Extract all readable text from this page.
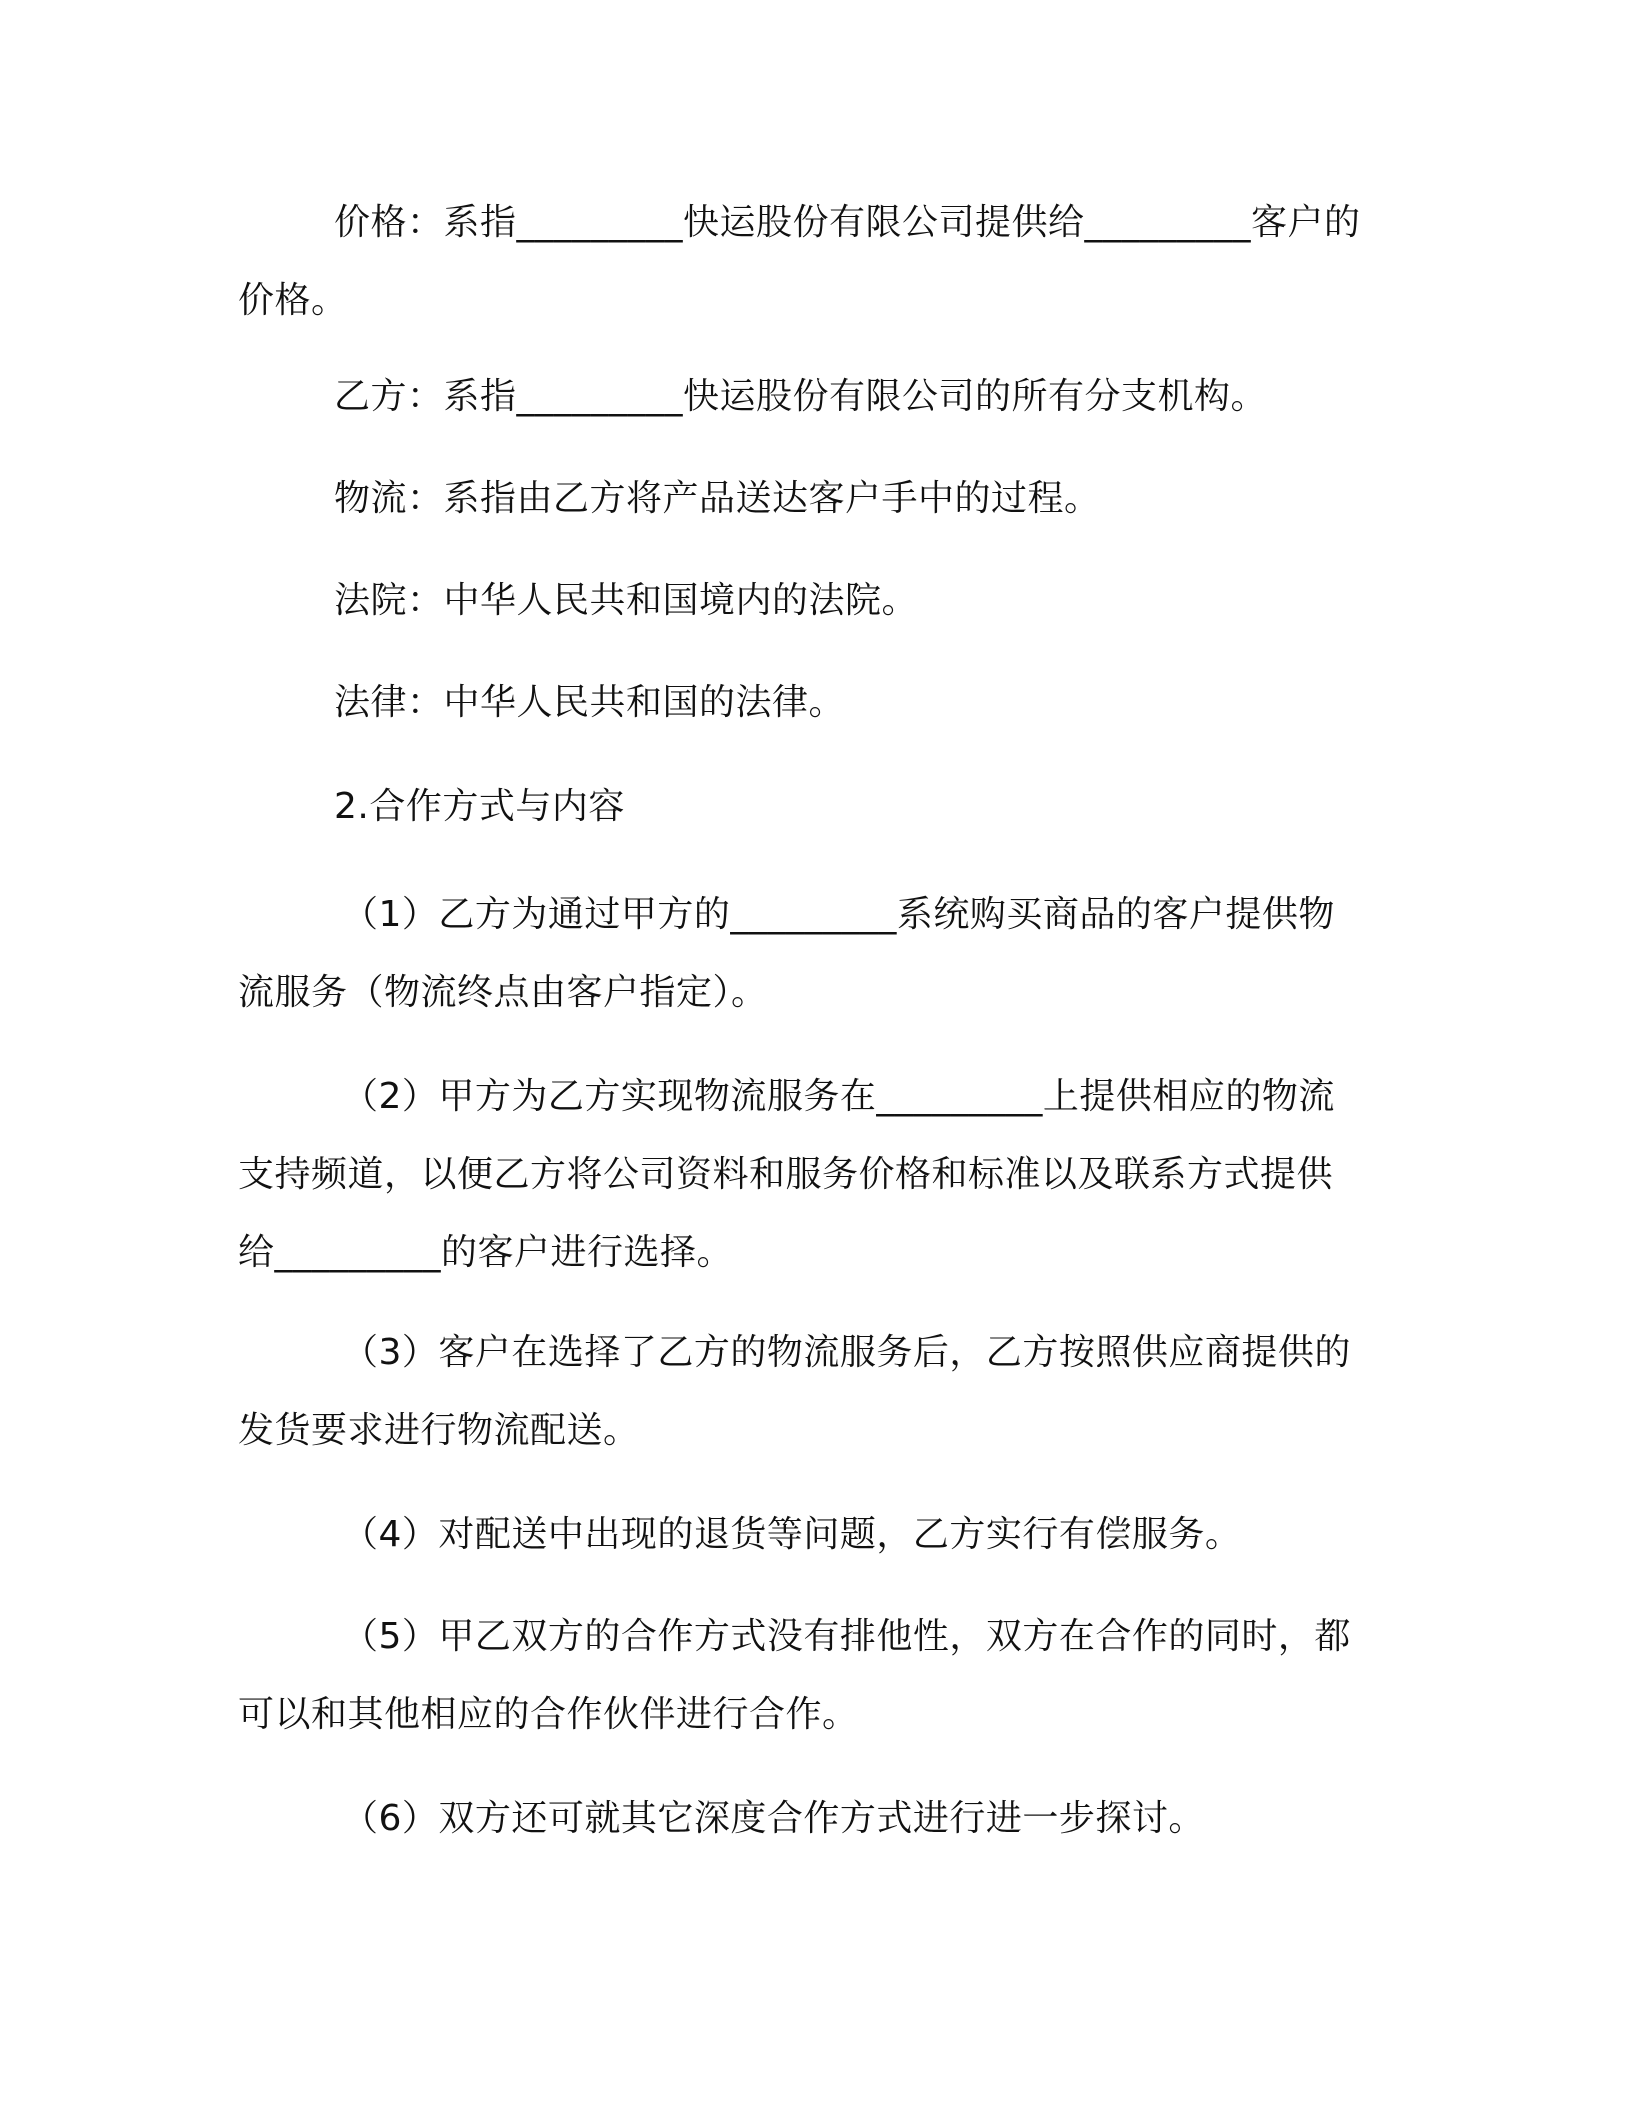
价格：系指_________快运股份有限公司提供给_________客户的价格。

乙方：系指_________快运股份有限公司的所有分支机构。

物流：系指由乙方将产品送达客户手中的过程。

法院：中华人民共和国境内的法院。

法律：中华人民共和国的法律。

2.合作方式与内容

（1）乙方为通过甲方的_________系统购买商品的客户提供物流服务（物流终点由客户指定）。

（2）甲方为乙方实现物流服务在_________上提供相应的物流支持频道，以便乙方将公司资料和服务价格和标准以及联系方式提供给_________的客户进行选择。

（3）客户在选择了乙方的物流服务后，乙方按照供应商提供的发货要求进行物流配送。

（4）对配送中出现的退货等问题，乙方实行有偿服务。

（5）甲乙双方的合作方式没有排他性，双方在合作的同时，都可以和其他相应的合作伙伴进行合作。

（6）双方还可就其它深度合作方式进行进一步探讨。
